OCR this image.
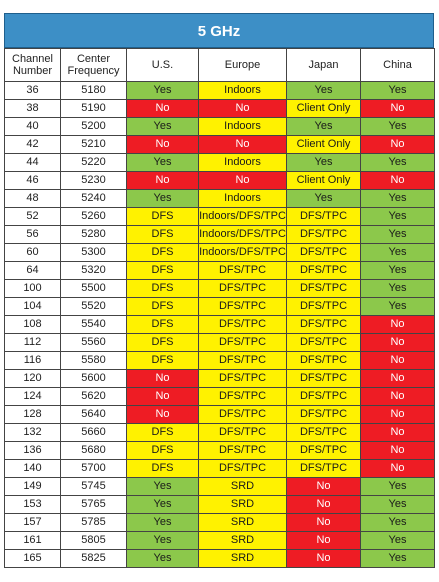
5 GHz
Channel Number	Center Frequency	U.S.	Europe	Japan	China
36	5180	Yes	Indoors	Yes	Yes
38	5190	No	No	Client Only	No
40	5200	Yes	Indoors	Yes	Yes
42	5210	No	No	Client Only	No
44	5220	Yes	Indoors	Yes	Yes
46	5230	No	No	Client Only	No
48	5240	Yes	Indoors	Yes	Yes
52	5260	DFS	Indoors/DFS/TPC	DFS/TPC	Yes
56	5280	DFS	Indoors/DFS/TPC	DFS/TPC	Yes
60	5300	DFS	Indoors/DFS/TPC	DFS/TPC	Yes
64	5320	DFS	DFS/TPC	DFS/TPC	Yes
100	5500	DFS	DFS/TPC	DFS/TPC	Yes
104	5520	DFS	DFS/TPC	DFS/TPC	Yes
108	5540	DFS	DFS/TPC	DFS/TPC	No
112	5560	DFS	DFS/TPC	DFS/TPC	No
116	5580	DFS	DFS/TPC	DFS/TPC	No
120	5600	No	DFS/TPC	DFS/TPC	No
124	5620	No	DFS/TPC	DFS/TPC	No
128	5640	No	DFS/TPC	DFS/TPC	No
132	5660	DFS	DFS/TPC	DFS/TPC	No
136	5680	DFS	DFS/TPC	DFS/TPC	No
140	5700	DFS	DFS/TPC	DFS/TPC	No
149	5745	Yes	SRD	No	Yes
153	5765	Yes	SRD	No	Yes
157	5785	Yes	SRD	No	Yes
161	5805	Yes	SRD	No	Yes
165	5825	Yes	SRD	No	Yes
